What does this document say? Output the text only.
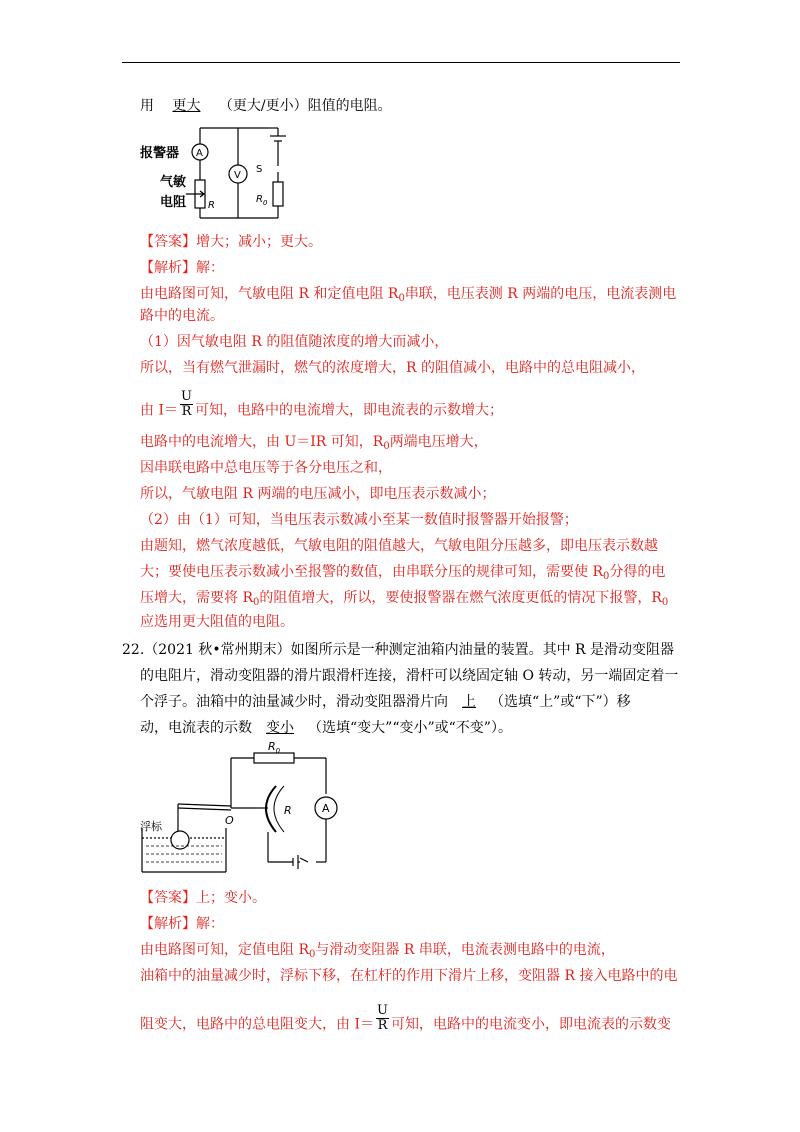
用 更大 （更大/更小）阻值的电阻。
报警器 A
V
S
气敏
电阻 R
$R_0$
【答案】增大；减小；更大。
【解析】解：
由电路图可知，气敏电阻 R 和定值电阻 $R_0$串联，电压表测 R 两端的电压，电流表测电
路中的电流。
（1）因气敏电阻 R 的阻值随浓度的增大而减小，
所以，当有燃气泄漏时，燃气的浓度增大，R 的阻值减小，电路中的总电阻减小，
由 $I= \frac{U}{R}$ 可知，电路中的电流增大，即电流表的示数增大；
电路中的电流增大，由 U＝IR 可知，$R_0$两端电压增大，
因串联电路中总电压等于各分电压之和，
所以，气敏电阻 R 两端的电压减小，即电压表示数减小；
（2）由（1）可知，当电压表示数减小至某一数值时报警器开始报警；
由题知，燃气浓度越低，气敏电阻的阻值越大，气敏电阻分压越多，即电压表示数越
大；要使电压表示数减小至报警的数值，由串联分压的规律可知，需要使 $R_0$分得的电
压增大，需要将 $R_0$的阻值增大，所以，要使报警器在燃气浓度更低的情况下报警，$R_0$
应选用更大阻值的电阻。
22.（2021 秋•常州期末）如图所示是一种测定油箱内油量的装置。其中 R 是滑动变阻器
的电阻片，滑动变阻器的滑片跟滑杆连接，滑杆可以绕固定轴 O 转动，另一端固定着一
个浮子。油箱中的油量减少时，滑动变阻器滑片向 上 （选填“上”或“下”）移
动，电流表的示数 变小 （选填“变大”“变小”或“不变”）。
$R_0$
O
R	A
浮标
【答案】上；变小。
【解析】解：
由电路图可知，定值电阻 $R_0$与滑动变阻器 R 串联，电流表测电路中的电流，
油箱中的油量减少时，浮标下移，在杠杆的作用下滑片上移，变阻器 R 接入电路中的电
阻变大，电路中的总电阻变大，由 $I= \frac{U}{R}$ 可知，电路中的电流变小，即电流表的示数变
